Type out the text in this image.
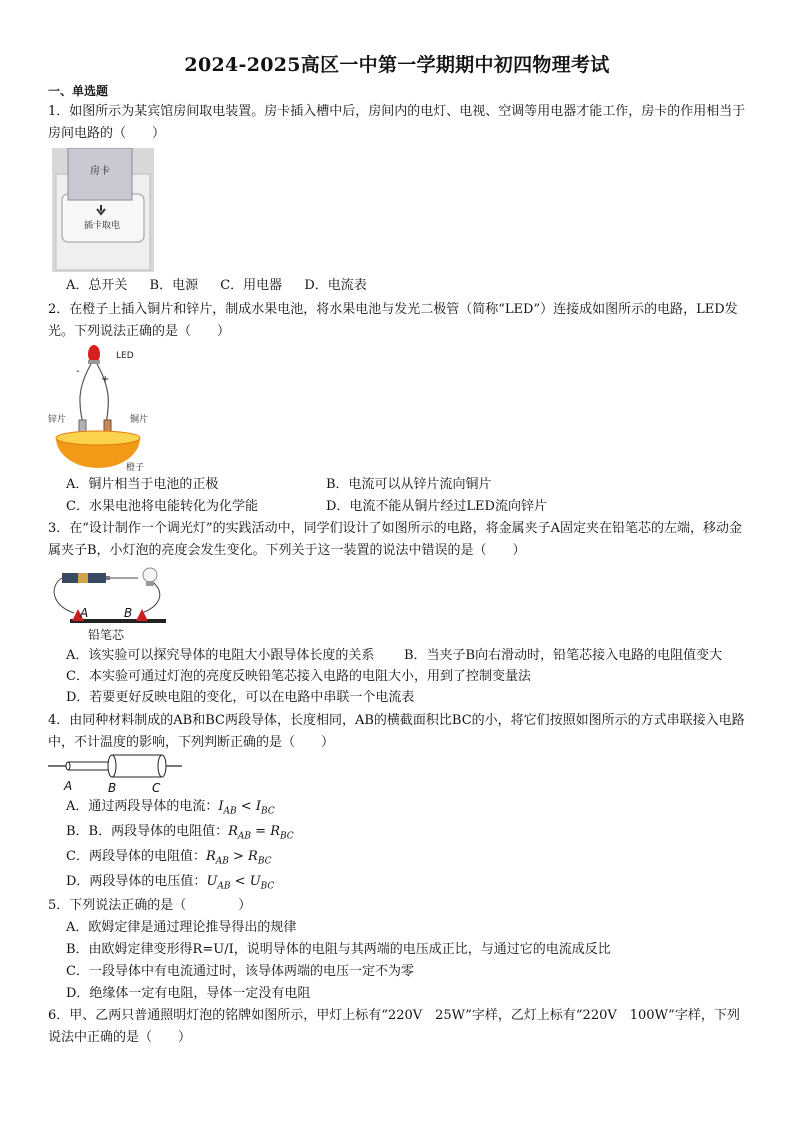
2024-2025高区一中第一学期期中初四物理考试
一、单选题
1．如图所示为某宾馆房间取电装置。房卡插入槽中后，房间内的电灯、电视、空调等用电器才能工作，房卡的作用相当于房间电路的（　　）
房卡
插卡取电
A．总开关 B．电源 C．用电器 D．电流表
2．在橙子上插入铜片和锌片，制成水果电池，将水果电池与发光二极管（简称“LED”）连接成如图所示的电路，LED发光。下列说法正确的是（　　）
LED
-
+
锌片	铜片
橙子
A．铜片相当于电池的正极	B．电流可以从锌片流向铜片
C．水果电池将电能转化为化学能	D．电流不能从铜片经过LED流向锌片
3．在“设计制作一个调光灯”的实践活动中，同学们设计了如图所示的电路，将金属夹子A固定夹在铅笔芯的左端，移动金属夹子B，小灯泡的亮度会发生变化。下列关于这一装置的说法中错误的是（　　）
A	B
铅笔芯
A．该实验可以探究导体的电阻大小跟导体长度的关系 B．当夹子B向右滑动时，铅笔芯接入电路的电阻值变大
C．本实验可通过灯泡的亮度反映铅笔芯接入电路的电阻大小，用到了控制变量法
D．若要更好反映电阻的变化，可以在电路中串联一个电流表
4．由同种材料制成的AB和BC两段导体，长度相同，AB的横截面积比BC的小，将它们按照如图所示的方式串联接入电路中，不计温度的影响，下列判断正确的是（　　）
A	B	C
A．通过两段导体的电流：$I_{AB} < I_{BC}$
B．B．两段导体的电阻值：$R_{AB} = R_{BC}$
C．两段导体的电阻值：$R_{AB} > R_{BC}$
D．两段导体的电压值：$U_{AB} < U_{BC}$
5．下列说法正确的是（　　　　）
A．欧姆定律是通过理论推导得出的规律
B．由欧姆定律变形得R=U/I，说明导体的电阻与其两端的电压成正比，与通过它的电流成反比
C．一段导体中有电流通过时，该导体两端的电压一定不为零
D．绝缘体一定有电阻，导体一定没有电阻
6．甲、乙两只普通照明灯泡的铭牌如图所示，甲灯上标有“220V　25W”字样，乙灯上标有“220V　100W”字样，下列说法中正确的是（　　）
